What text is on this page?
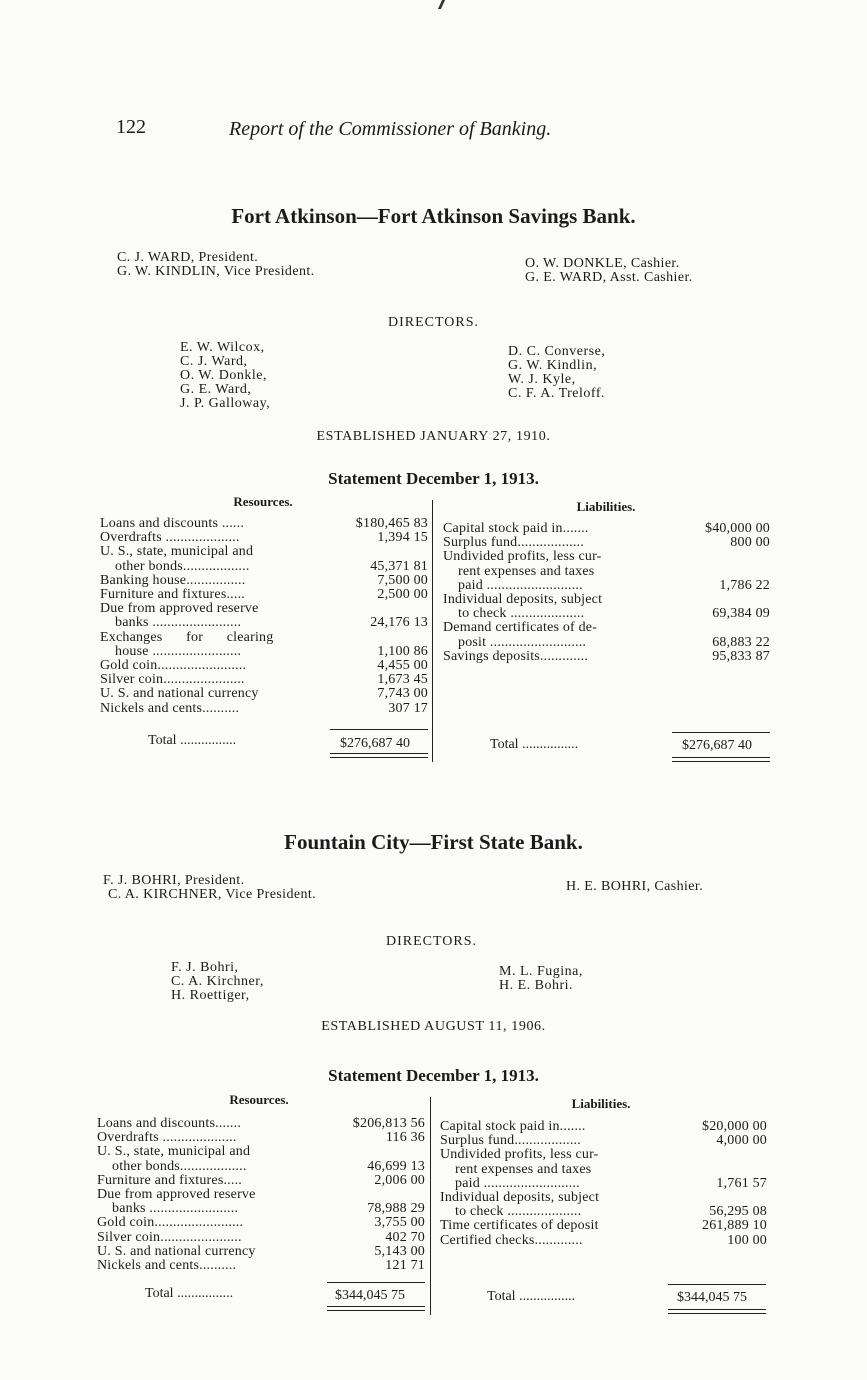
122	Report of the Commissioner of Banking.
Fort Atkinson—Fort Atkinson Savings Bank.
C. J. WARD, President.
G. W. KINDLIN, Vice President.
O. W. DONKLE, Cashier.
G. E. WARD, Asst. Cashier.
DIRECTORS.
E. W. Wilcox,
C. J. Ward,
O. W. Donkle,
G. E. Ward,
J. P. Galloway,
D. C. Converse,
G. W. Kindlin,
W. J. Kyle,
C. F. A. Treloff.
ESTABLISHED JANUARY 27, 1910.
Statement December 1, 1913.
Resources.	Liabilities.
Loans and discounts ......	$180,465 83
Overdrafts ....................	1,394 15
U. S., state, municipal and
other bonds..................	45,371 81
Banking house................	7,500 00
Furniture and fixtures.....	2,500 00
Due from approved reserve
banks ........................	24,176 13
Exchanges for clearing
house ........................	1,100 86
Gold coin........................	4,455 00
Silver coin......................	1,673 45
U. S. and national currency	7,743 00
Nickels and cents..........	307 17
Total ................	$276,687 40
Capital stock paid in.......	$40,000 00
Surplus fund..................	800 00
Undivided profits, less cur-
rent expenses and taxes
paid ..........................	1,786 22
Individual deposits, subject
to check ....................	69,384 09
Demand certificates of de-
posit ..........................	68,883 22
Savings deposits.............	95,833 87
Total ................	$276,687 40
Fountain City—First State Bank.
F. J. BOHRI, President.
C. A. KIRCHNER, Vice President.
H. E. BOHRI, Cashier.
DIRECTORS.
F. J. Bohri,
C. A. Kirchner,
H. Roettiger,
M. L. Fugina,
H. E. Bohri.
ESTABLISHED AUGUST 11, 1906.
Statement December 1, 1913.
Resources.	Liabilities.
Loans and discounts.......	$206,813 56
Overdrafts ....................	116 36
U. S., state, municipal and
other bonds..................	46,699 13
Furniture and fixtures.....	2,006 00
Due from approved reserve
banks ........................	78,988 29
Gold coin........................	3,755 00
Silver coin......................	402 70
U. S. and national currency	5,143 00
Nickels and cents..........	121 71
Total ................	$344,045 75
Capital stock paid in.......	$20,000 00
Surplus fund..................	4,000 00
Undivided profits, less cur-
rent expenses and taxes
paid ..........................	1,761 57
Individual deposits, subject
to check ....................	56,295 08
Time certificates of deposit	261,889 10
Certified checks.............	100 00
Total ................	$344,045 75
